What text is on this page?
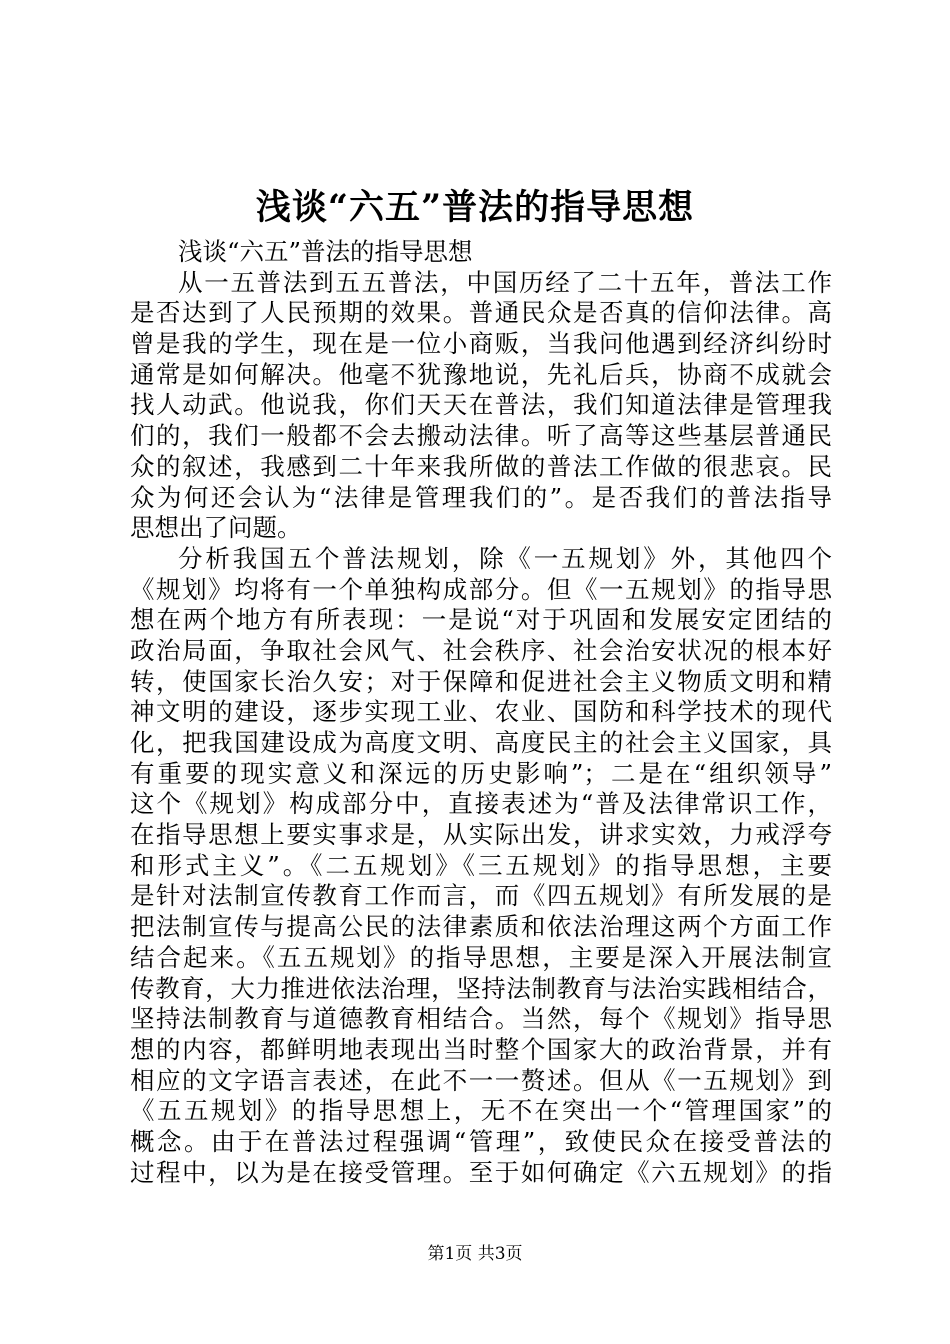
浅谈“六五”普法的指导思想
浅谈“六五”普法的指导思想
从一五普法到五五普法，中国历经了二十五年，普法工作
是否达到了人民预期的效果。普通民众是否真的信仰法律。高
曾是我的学生，现在是一位小商贩，当我问他遇到经济纠纷时
通常是如何解决。他毫不犹豫地说，先礼后兵，协商不成就会
找人动武。他说我，你们天天在普法，我们知道法律是管理我
们的，我们一般都不会去搬动法律。听了高等这些基层普通民
众的叙述，我感到二十年来我所做的普法工作做的很悲哀。民
众为何还会认为“法律是管理我们的”。是否我们的普法指导
思想出了问题。
分析我国五个普法规划，除《一五规划》外，其他四个
《规划》均将有一个单独构成部分。但《一五规划》的指导思
想在两个地方有所表现：一是说“对于巩固和发展安定团结的
政治局面，争取社会风气、社会秩序、社会治安状况的根本好
转，使国家长治久安；对于保障和促进社会主义物质文明和精
神文明的建设，逐步实现工业、农业、国防和科学技术的现代
化，把我国建设成为高度文明、高度民主的社会主义国家，具
有重要的现实意义和深远的历史影响”；二是在“组织领导”
这个《规划》构成部分中，直接表述为“普及法律常识工作，
在指导思想上要实事求是，从实际出发，讲求实效，力戒浮夸
和形式主义”。《二五规划》《三五规划》的指导思想，主要
是针对法制宣传教育工作而言，而《四五规划》有所发展的是
把法制宣传与提高公民的法律素质和依法治理这两个方面工作
结合起来。《五五规划》的指导思想，主要是深入开展法制宣
传教育，大力推进依法治理，坚持法制教育与法治实践相结合，
坚持法制教育与道德教育相结合。当然，每个《规划》指导思
想的内容，都鲜明地表现出当时整个国家大的政治背景，并有
相应的文字语言表述，在此不一一赘述。但从《一五规划》到
《五五规划》的指导思想上，无不在突出一个“管理国家”的
概念。由于在普法过程强调“管理”，致使民众在接受普法的
过程中，以为是在接受管理。至于如何确定《六五规划》的指
第1页 共3页
